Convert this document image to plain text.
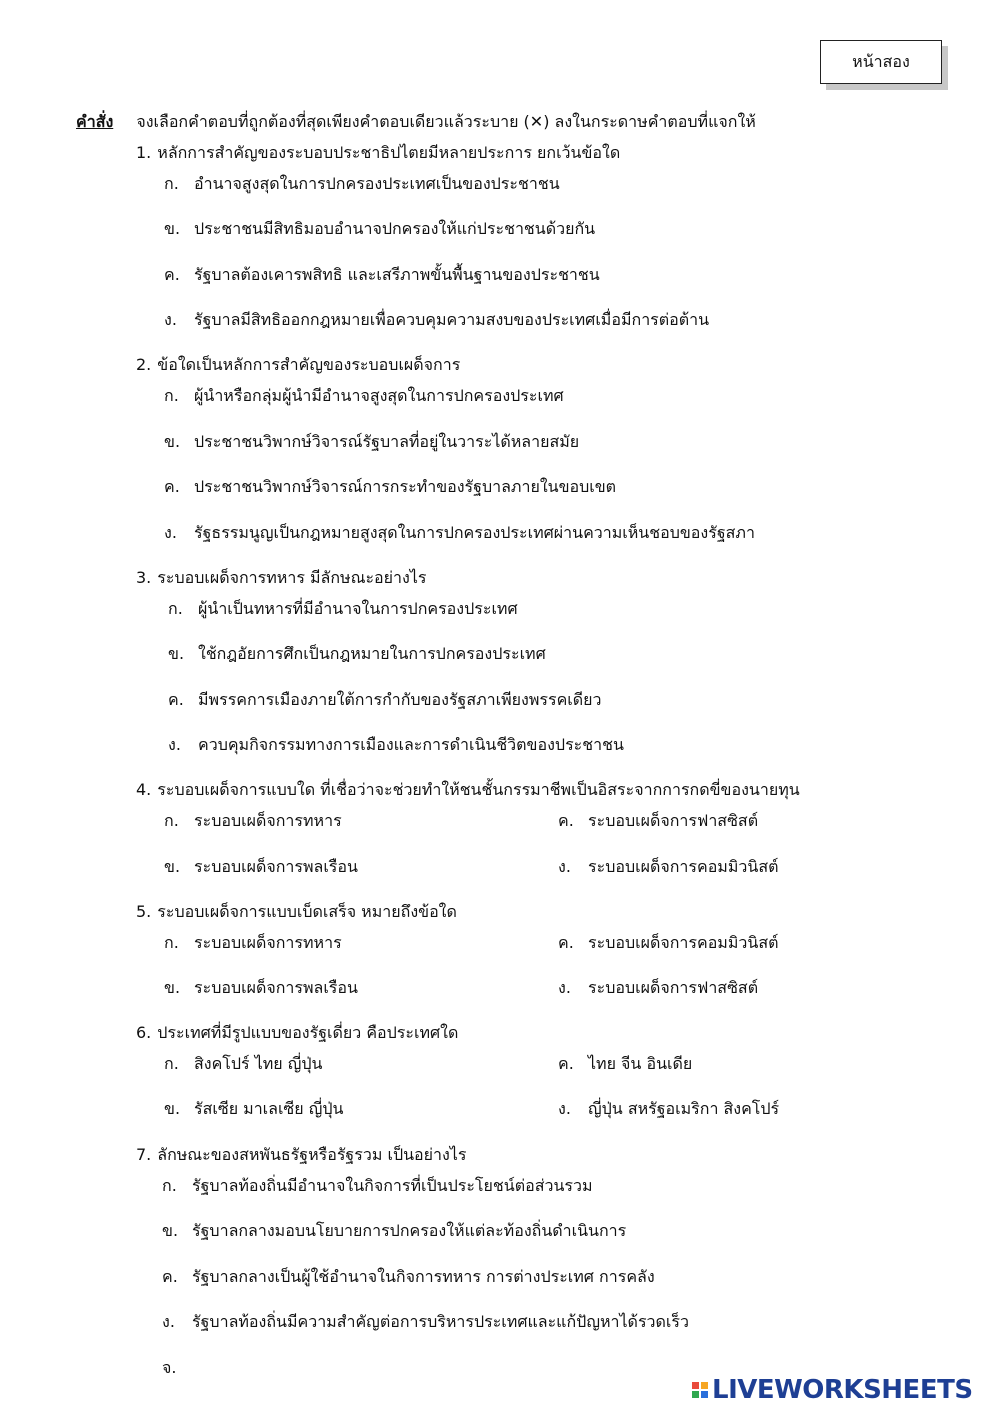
หน้าสอง
คำสั่ง จงเลือกคำตอบที่ถูกต้องที่สุดเพียงคำตอบเดียวแล้วระบาย (✕) ลงในกระดาษคำตอบที่แจกให้
1. หลักการสำคัญของระบอบประชาธิปไตยมีหลายประการ ยกเว้นข้อใด
ก. อำนาจสูงสุดในการปกครองประเทศเป็นของประชาชน
ข. ประชาชนมีสิทธิมอบอำนาจปกครองให้แก่ประชาชนด้วยกัน
ค. รัฐบาลต้องเคารพสิทธิ และเสรีภาพขั้นพื้นฐานของประชาชน
ง. รัฐบาลมีสิทธิออกกฎหมายเพื่อควบคุมความสงบของประเทศเมื่อมีการต่อต้าน
2. ข้อใดเป็นหลักการสำคัญของระบอบเผด็จการ
ก. ผู้นำหรือกลุ่มผู้นำมีอำนาจสูงสุดในการปกครองประเทศ
ข. ประชาชนวิพากษ์วิจารณ์รัฐบาลที่อยู่ในวาระได้หลายสมัย
ค. ประชาชนวิพากษ์วิจารณ์การกระทำของรัฐบาลภายในขอบเขต
ง. รัฐธรรมนูญเป็นกฎหมายสูงสุดในการปกครองประเทศผ่านความเห็นชอบของรัฐสภา
3. ระบอบเผด็จการทหาร มีลักษณะอย่างไร
ก. ผู้นำเป็นทหารที่มีอำนาจในการปกครองประเทศ
ข. ใช้กฎอัยการศึกเป็นกฎหมายในการปกครองประเทศ
ค. มีพรรคการเมืองภายใต้การกำกับของรัฐสภาเพียงพรรคเดียว
ง. ควบคุมกิจกรรมทางการเมืองและการดำเนินชีวิตของประชาชน
4. ระบอบเผด็จการแบบใด ที่เชื่อว่าจะช่วยทำให้ชนชั้นกรรมาชีพเป็นอิสระจากการกดขี่ของนายทุน
ก. ระบอบเผด็จการทหาร
ข. ระบอบเผด็จการพลเรือน
ค. ระบอบเผด็จการฟาสซิสต์
ง. ระบอบเผด็จการคอมมิวนิสต์
5. ระบอบเผด็จการแบบเบ็ดเสร็จ หมายถึงข้อใด
ก. ระบอบเผด็จการทหาร
ข. ระบอบเผด็จการพลเรือน
ค. ระบอบเผด็จการคอมมิวนิสต์
ง. ระบอบเผด็จการฟาสซิสต์
6. ประเทศที่มีรูปแบบของรัฐเดี่ยว คือประเทศใด
ก. สิงคโปร์ ไทย ญี่ปุ่น
ข. รัสเซีย มาเลเซีย ญี่ปุ่น
ค. ไทย จีน อินเดีย
ง. ญี่ปุ่น สหรัฐอเมริกา สิงคโปร์
7. ลักษณะของสหพันธรัฐหรือรัฐรวม เป็นอย่างไร
ก. รัฐบาลท้องถิ่นมีอำนาจในกิจการที่เป็นประโยชน์ต่อส่วนรวม
ข. รัฐบาลกลางมอบนโยบายการปกครองให้แต่ละท้องถิ่นดำเนินการ
ค. รัฐบาลกลางเป็นผู้ใช้อำนาจในกิจการทหาร การต่างประเทศ การคลัง
ง. รัฐบาลท้องถิ่นมีความสำคัญต่อการบริหารประเทศและแก้ปัญหาได้รวดเร็ว
จ.
LIVEWORKSHEETS
